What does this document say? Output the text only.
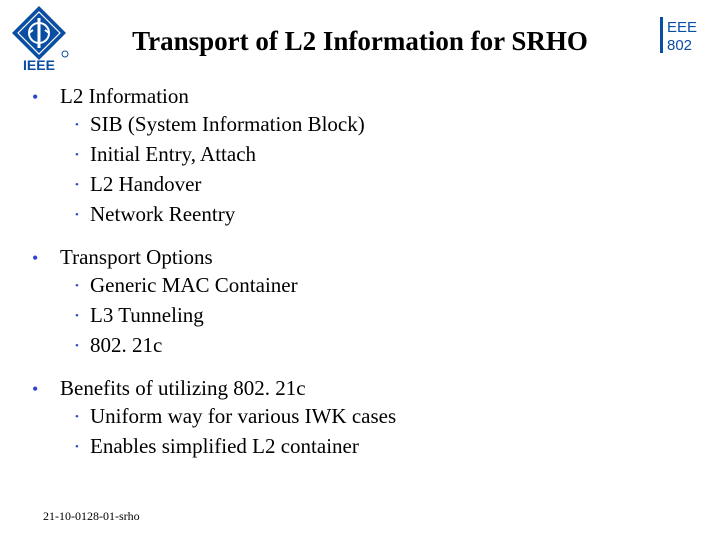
IEEE
Transport of L2 Information for SRHO	EEE
802
•	L2 Information
• SIB (System Information Block)
• Initial Entry, Attach
• L2 Handover
• Network Reentry
•	Transport Options
• Generic MAC Container
• L3 Tunneling
• 802. 21c
•	Benefits of utilizing 802. 21c
• Uniform way for various IWK cases
• Enables simplified L2 container
21-10-0128-01-srho
